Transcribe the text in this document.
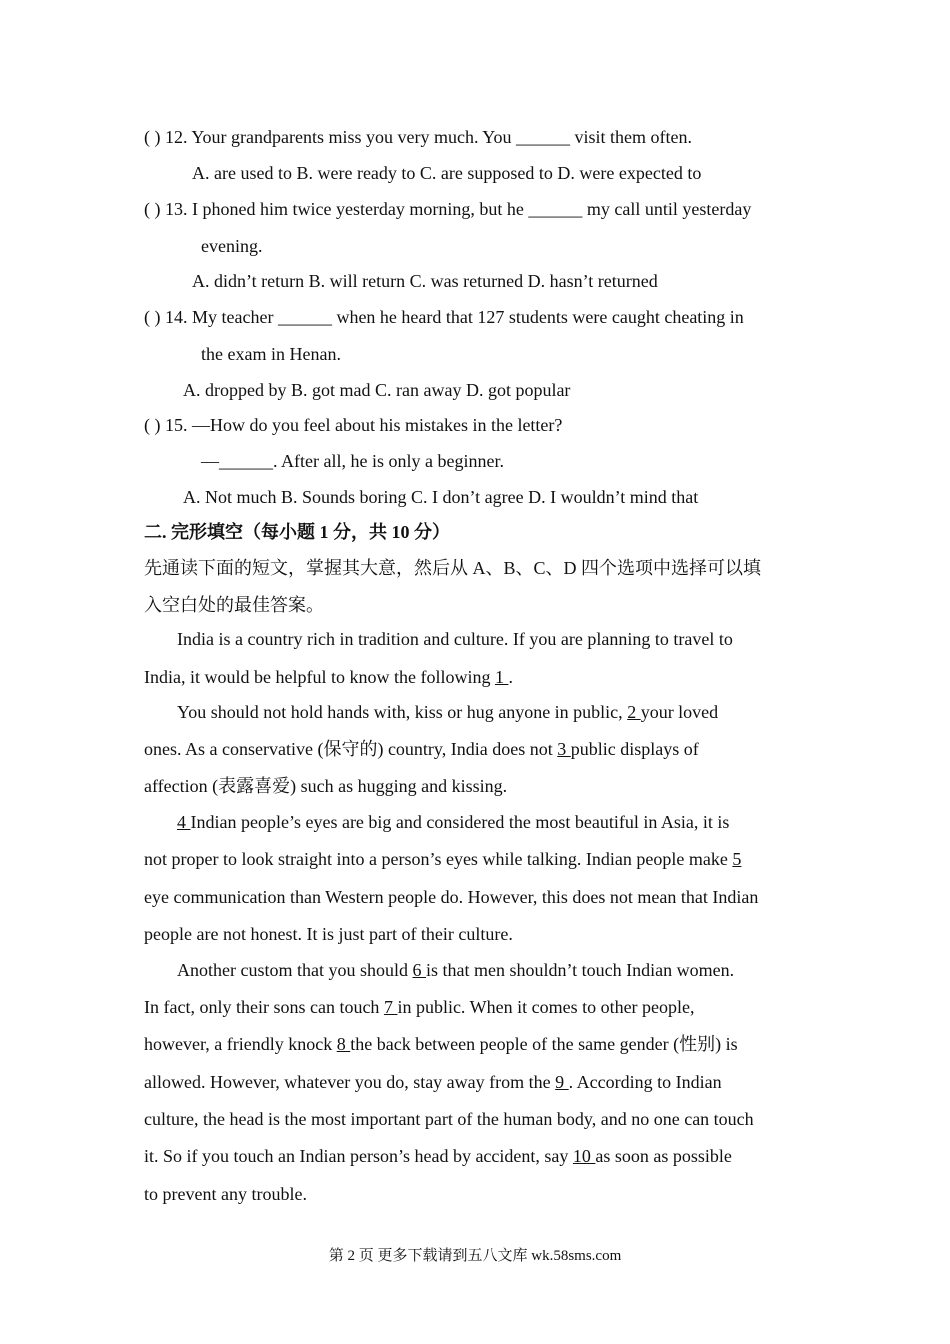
( ) 12. Your grandparents miss you very much. You ______ visit them often.
A. are used to B. were ready to C. are supposed to D. were expected to
( ) 13. I phoned him twice yesterday morning, but he ______ my call until yesterday
evening.
A. didn’t return B. will return C. was returned D. hasn’t returned
( ) 14. My teacher ______ when he heard that 127 students were caught cheating in
the exam in Henan.
A. dropped by B. got mad C. ran away D. got popular
( ) 15. —How do you feel about his mistakes in the letter?
—______. After all, he is only a beginner.
A. Not much B. Sounds boring C. I don’t agree D. I wouldn’t mind that
二. 完形填空（每小题 1 分，共 10 分）
先通读下面的短文，掌握其大意，然后从 A、B、C、D 四个选项中选择可以填
入空白处的最佳答案。
India is a country rich in tradition and culture. If you are planning to travel to
India, it would be helpful to know the following 1 .
You should not hold hands with, kiss or hug anyone in public, 2 your loved
ones. As a conservative (保守的) country, India does not 3 public displays of
affection (表露喜爱) such as hugging and kissing.
4 Indian people’s eyes are big and considered the most beautiful in Asia, it is
not proper to look straight into a person’s eyes while talking. Indian people make 5
eye communication than Western people do. However, this does not mean that Indian
people are not honest. It is just part of their culture.
Another custom that you should 6 is that men shouldn’t touch Indian women.
In fact, only their sons can touch 7 in public. When it comes to other people,
however, a friendly knock 8 the back between people of the same gender (性别) is
allowed. However, whatever you do, stay away from the 9 . According to Indian
culture, the head is the most important part of the human body, and no one can touch
it. So if you touch an Indian person’s head by accident, say 10 as soon as possible
to prevent any trouble.
第 2 页 更多下载请到五八文库 wk.58sms.com
